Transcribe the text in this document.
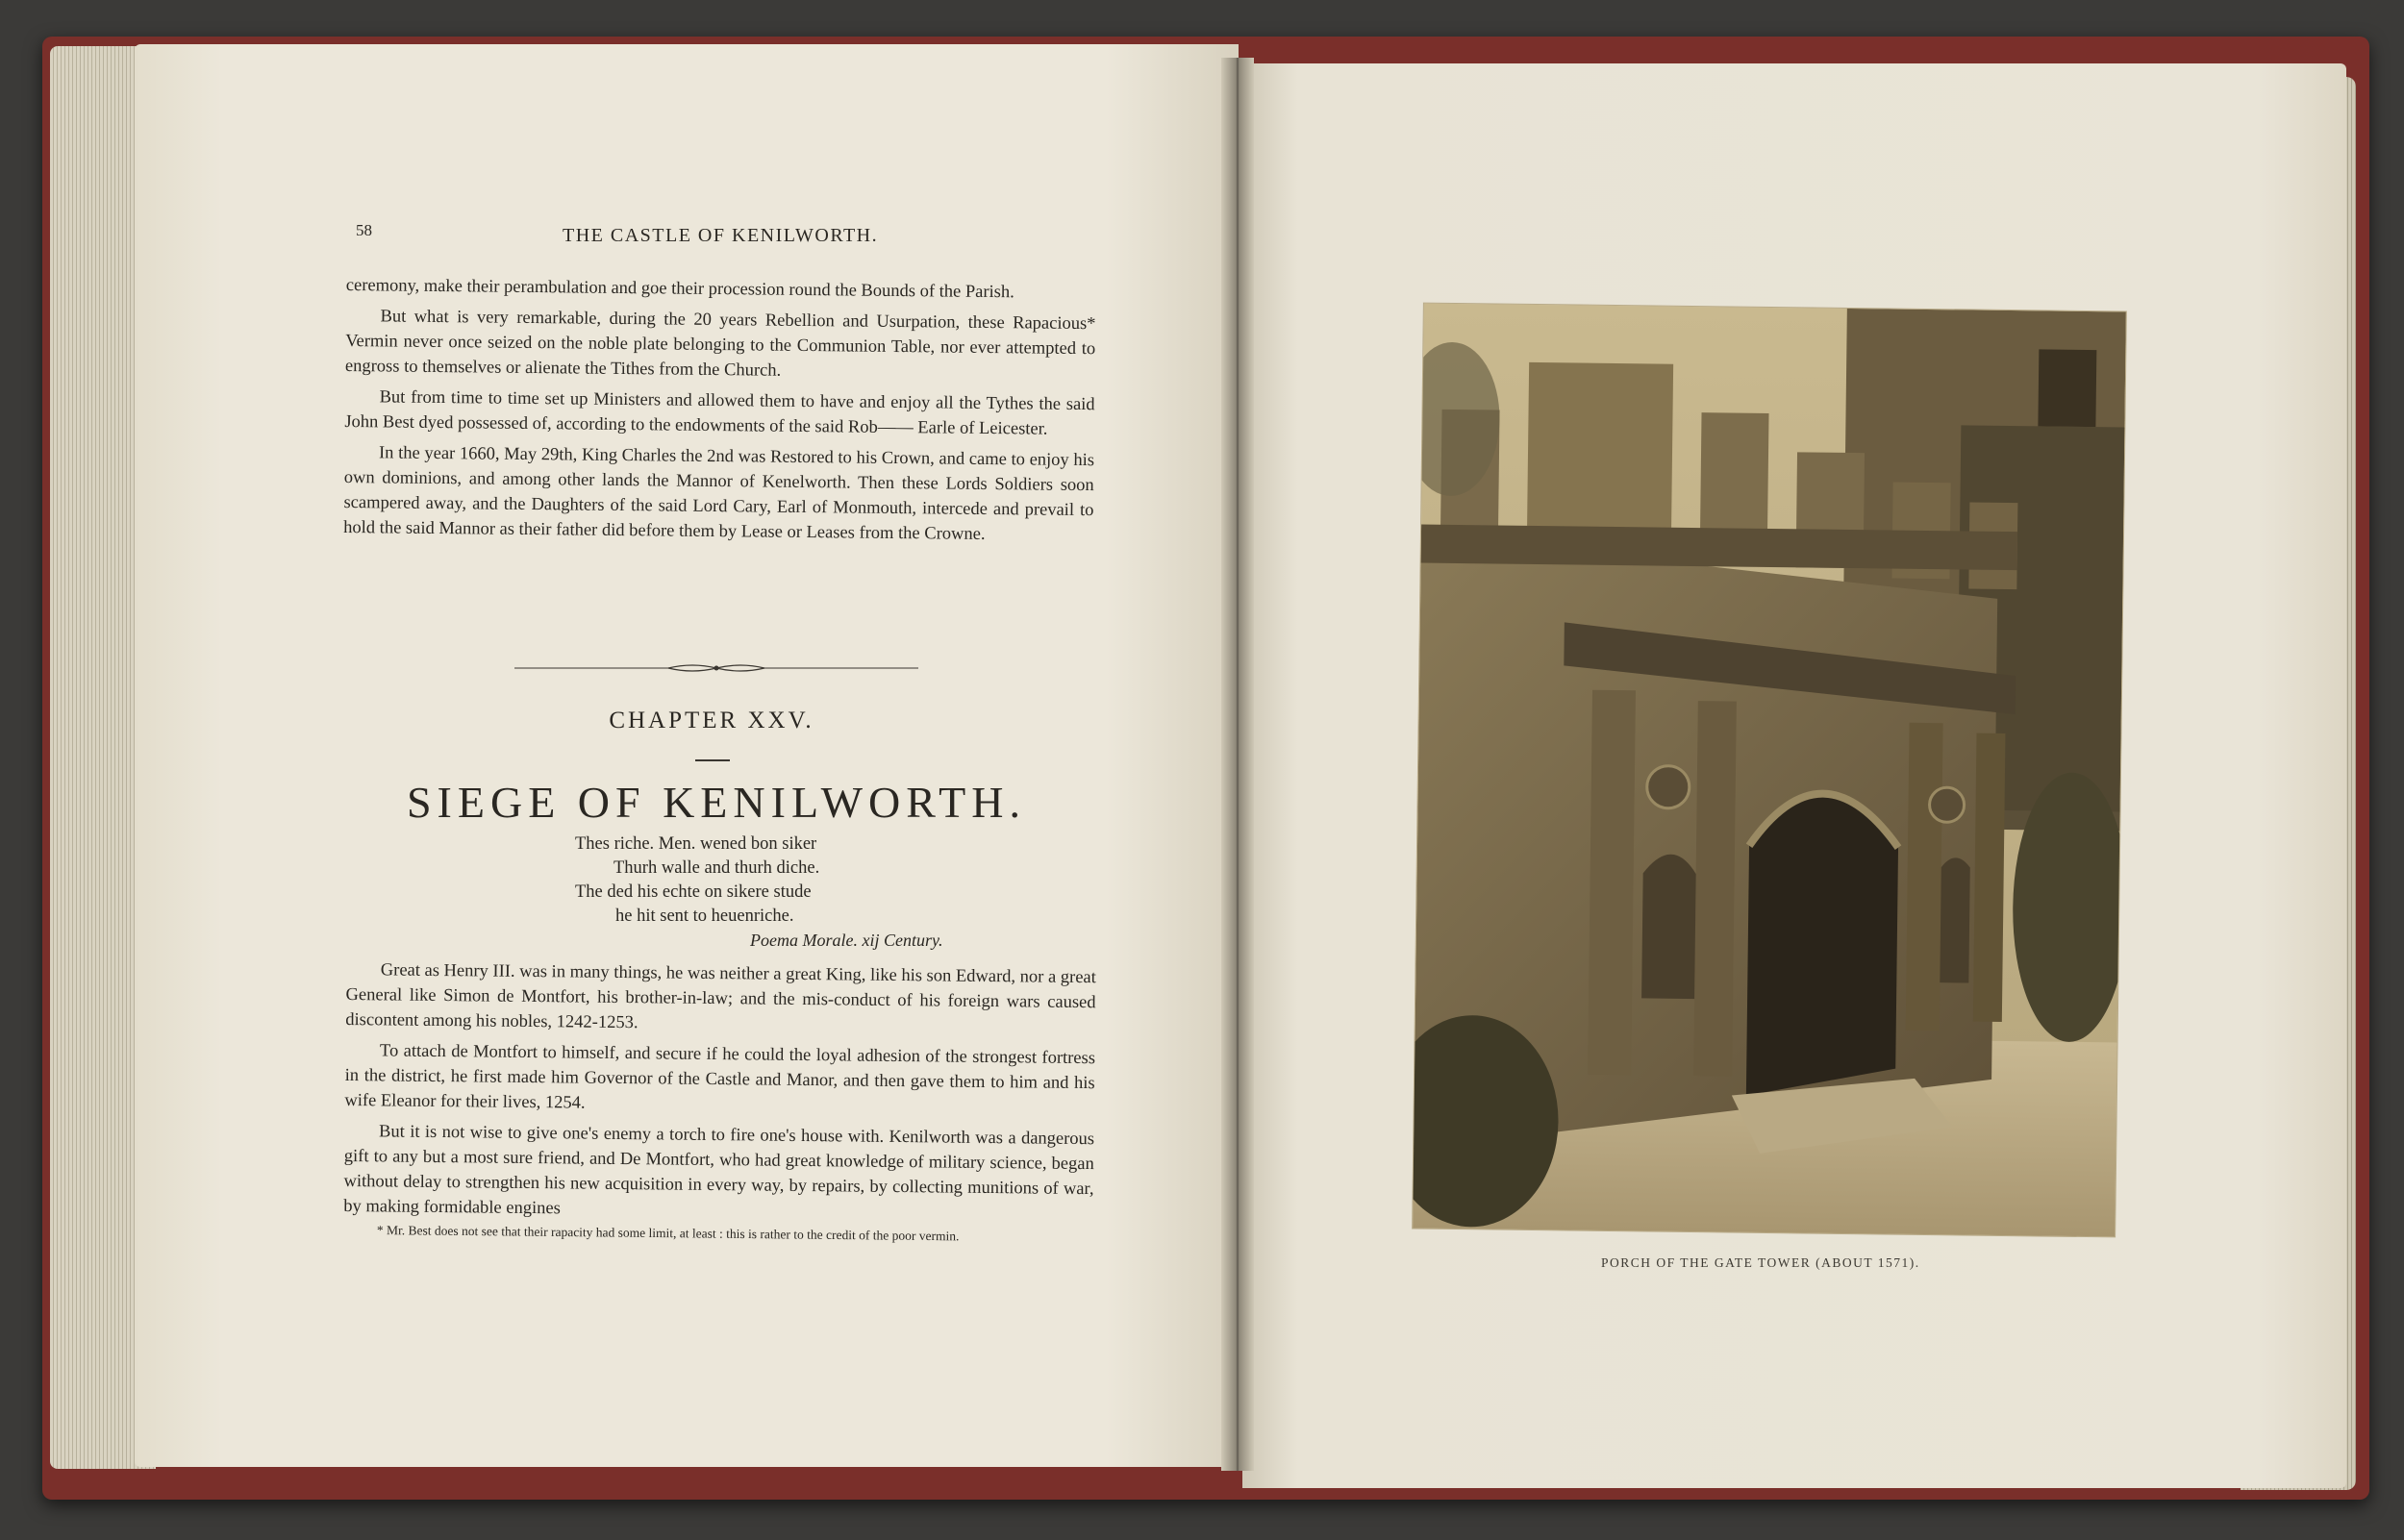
58	THE CASTLE OF KENILWORTH.

ceremony, make their perambulation and goe their procession round the Bounds of the Parish.

But what is very remarkable, during the 20 years Rebellion and Usurpation, these Rapacious* Vermin never once seized on the noble plate belonging to the Communion Table, nor ever attempted to engross to themselves or alienate the Tithes from the Church.

But from time to time set up Ministers and allowed them to have and enjoy all the Tythes the said John Best dyed possessed of, according to the endowments of the said Rob—— Earle of Leicester.

In the year 1660, May 29th, King Charles the 2nd was Restored to his Crown, and came to enjoy his own dominions, and among other lands the Mannor of Kenelworth. Then these Lords Soldiers soon scampered away, and the Daughters of the said Lord Cary, Earl of Monmouth, intercede and prevail to hold the said Mannor as their father did before them by Lease or Leases from the Crowne.

CHAPTER XXV.
SIEGE OF KENILWORTH.
Thes riche. Men. wened bon siker
Thurh walle and thurh diche.
The ded his echte on sikere stude
he hit sent to heuenriche.
Poema Morale. xij Century.

Great as Henry III. was in many things, he was neither a great King, like his son Edward, nor a great General like Simon de Montfort, his brother-in-law; and the mis-conduct of his foreign wars caused discontent among his nobles, 1242-1253.

To attach de Montfort to himself, and secure if he could the loyal adhesion of the strongest fortress in the district, he first made him Governor of the Castle and Manor, and then gave them to him and his wife Eleanor for their lives, 1254.

But it is not wise to give one's enemy a torch to fire one's house with. Kenilworth was a dangerous gift to any but a most sure friend, and De Montfort, who had great knowledge of military science, began without delay to strengthen his new acquisition in every way, by repairs, by collecting munitions of war, by making formidable engines

* Mr. Best does not see that their rapacity had some limit, at least : this is rather to the credit of the poor vermin.
PORCH OF THE GATE TOWER (ABOUT 1571).
